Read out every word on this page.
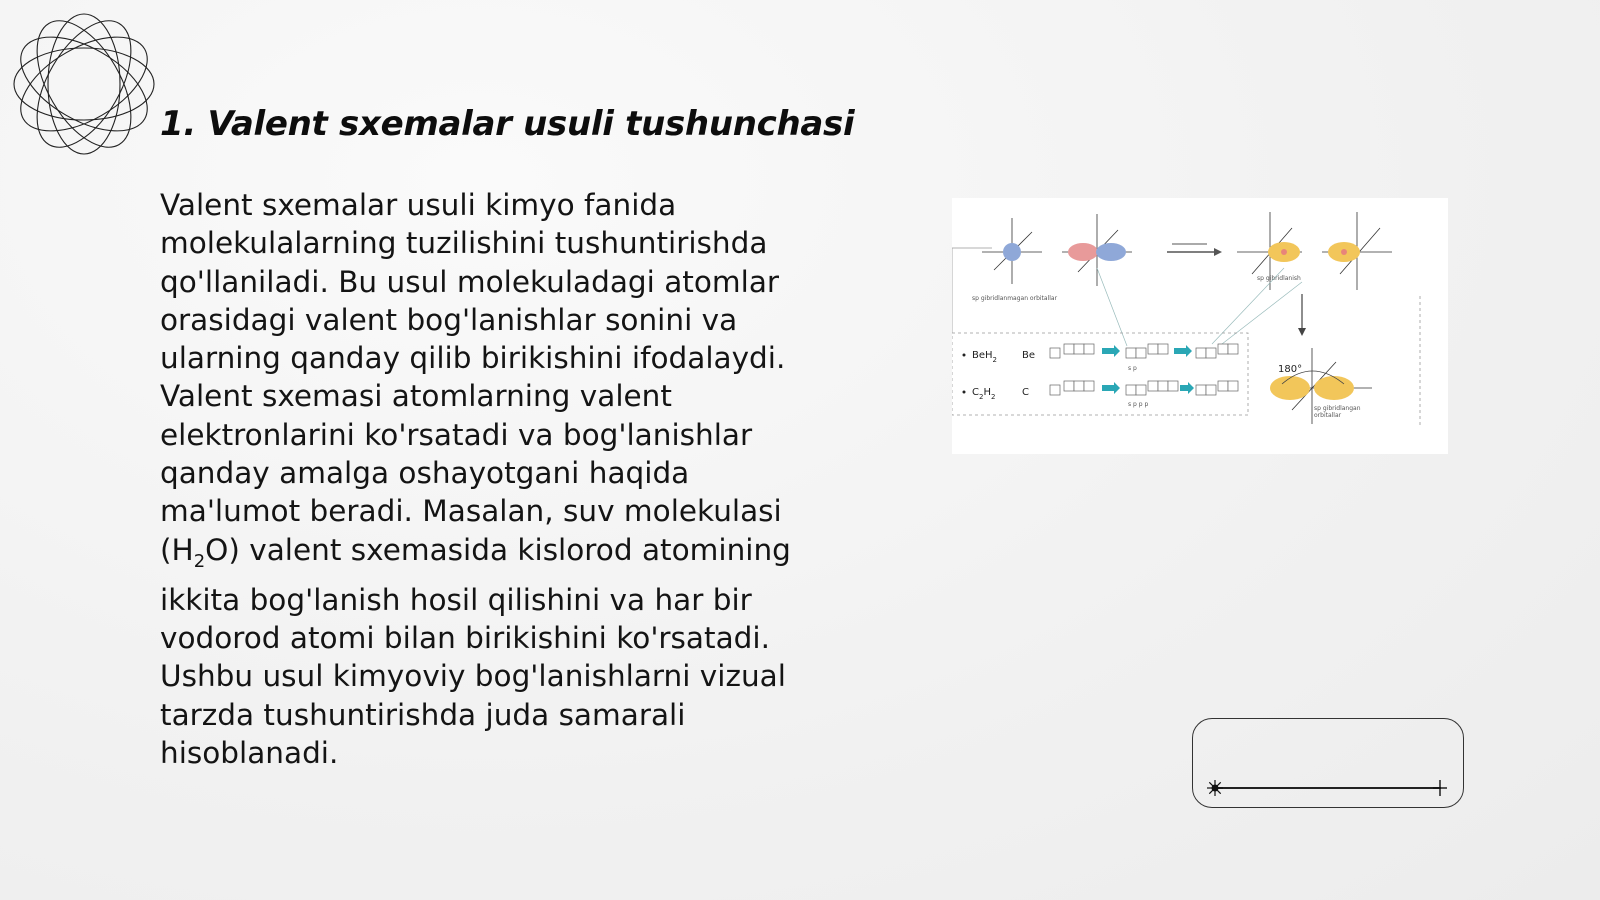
1. Valent sxemalar usuli tushunchasi

Valent sxemalar usuli kimyo fanida molekulalarning tuzilishini tushuntirishda qo'llaniladi. Bu usul molekuladagi atomlar orasidagi valent bog'lanishlar sonini va ularning qanday qilib birikishini ifodalaydi. Valent sxemasi atomlarning valent elektronlarini ko'rsatadi va bog'lanishlar qanday amalga oshayotgani haqida ma'lumot beradi. Masalan, suv molekulasi $(H_2O)$ valent sxemasida kislorod atomining ikkita bog'lanish hosil qilishini va har bir vodorod atomi bilan birikishini ko'rsatadi. Ushbu usul kimyoviy bog'lanishlarni vizual tarzda tushuntirishda juda samarali hisoblanadi.

sp gibridlanish
sp gibridlanmagan orbitallar
BeH$_2$ Be
s p
$C_2H_2$	C
s p p p
180°
sp gibridlangan
orbitallar
